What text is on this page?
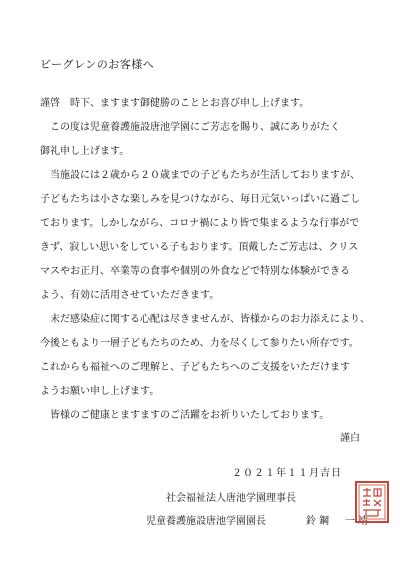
ビーグレンのお客様へ
謹啓　時下、ますます御健勝のこととお喜び申し上げます。
この度は児童養護施設唐池学園にご芳志を賜り、誠にありがたく
御礼申し上げます。
当施設には２歳から２０歳までの子どもたちが生活しておりますが、
子どもたちは小さな楽しみを見つけながら、毎日元気いっぱいに過ごし
ております。しかしながら、コロナ禍により皆で集まるような行事がで
きず、寂しい思いをしている子もおります。頂戴したご芳志は、クリス
マスやお正月、卒業等の食事や個別の外食などで特別な体験ができる
よう、有効に活用させていただきます。
未だ感染症に関する心配は尽きませんが、皆様からのお力添えにより、
今後ともより一層子どもたちのため、力を尽くして参りたい所存です。
これからも福祉へのご理解と、子どもたちへのご支援をいただけます
ようお願い申し上げます。
皆様のご健康とますますのご活躍をお祈りいたしております。
謹白
２０２１年１１月吉日
社会福祉法人唐池学園理事長
児童養護施設唐池学園園長	鈴鋼　一靖
